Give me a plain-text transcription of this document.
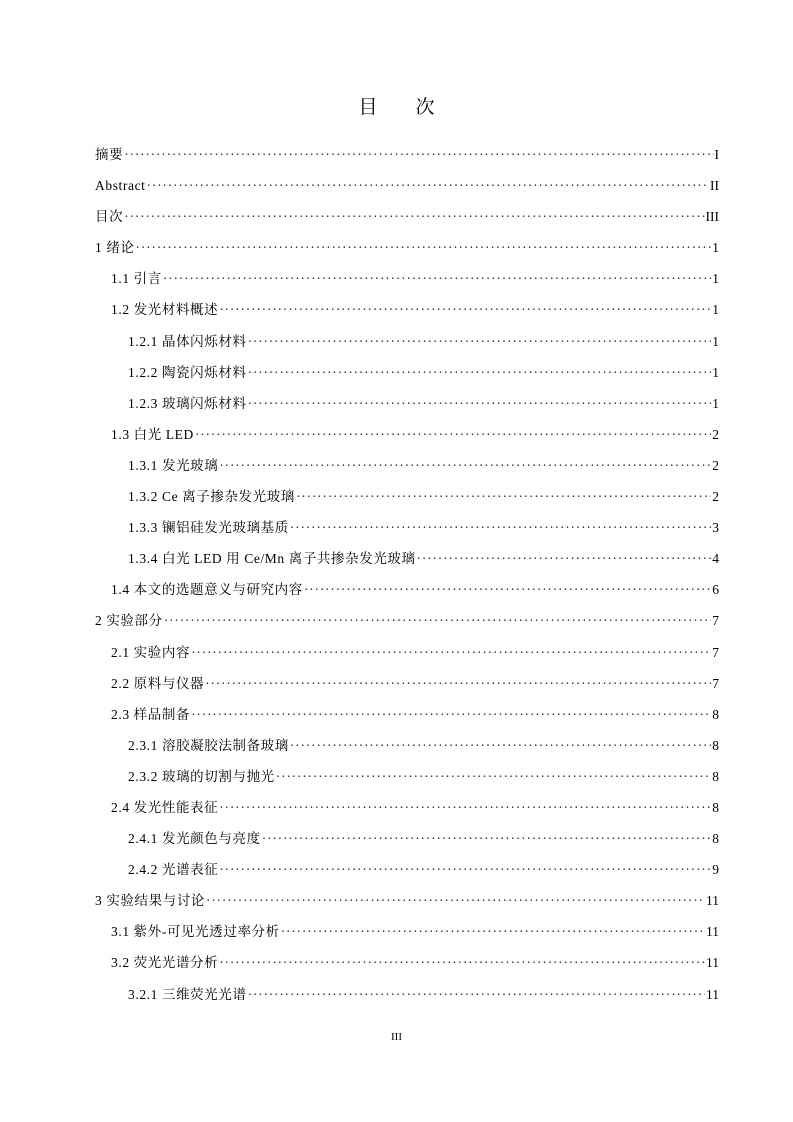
目 次
摘要 ·····	I
Abstract ·····	II
目次 ·····	III
1 绪论 ·····	1
1.1 引言 ·····	1
1.2 发光材料概述 ·····	1
1.2.1 晶体闪烁材料 ·····	1
1.2.2 陶瓷闪烁材料 ·····	1
1.2.3 玻璃闪烁材料 ·····	1
1.3 白光 LED ·····	2
1.3.1 发光玻璃 ·····	2
1.3.2 Ce 离子掺杂发光玻璃 ·····	2
1.3.3 镧铝硅发光玻璃基质 ·····	3
1.3.4 白光 LED 用 Ce/Mn 离子共掺杂发光玻璃 ·····	4
1.4 本文的选题意义与研究内容 ·····	6
2 实验部分 ·····	7
2.1 实验内容 ·····	7
2.2 原料与仪器 ·····	7
2.3 样品制备 ·····	8
2.3.1 溶胶凝胶法制备玻璃 ·····	8
2.3.2 玻璃的切割与抛光 ·····	8
2.4 发光性能表征 ·····	8
2.4.1 发光颜色与亮度 ·····	8
2.4.2 光谱表征 ·····	9
3 实验结果与讨论 ·····	11
3.1 紫外-可见光透过率分析 ·····	11
3.2 荧光光谱分析 ·····	11
3.2.1 三维荧光光谱 ·····	11
III
